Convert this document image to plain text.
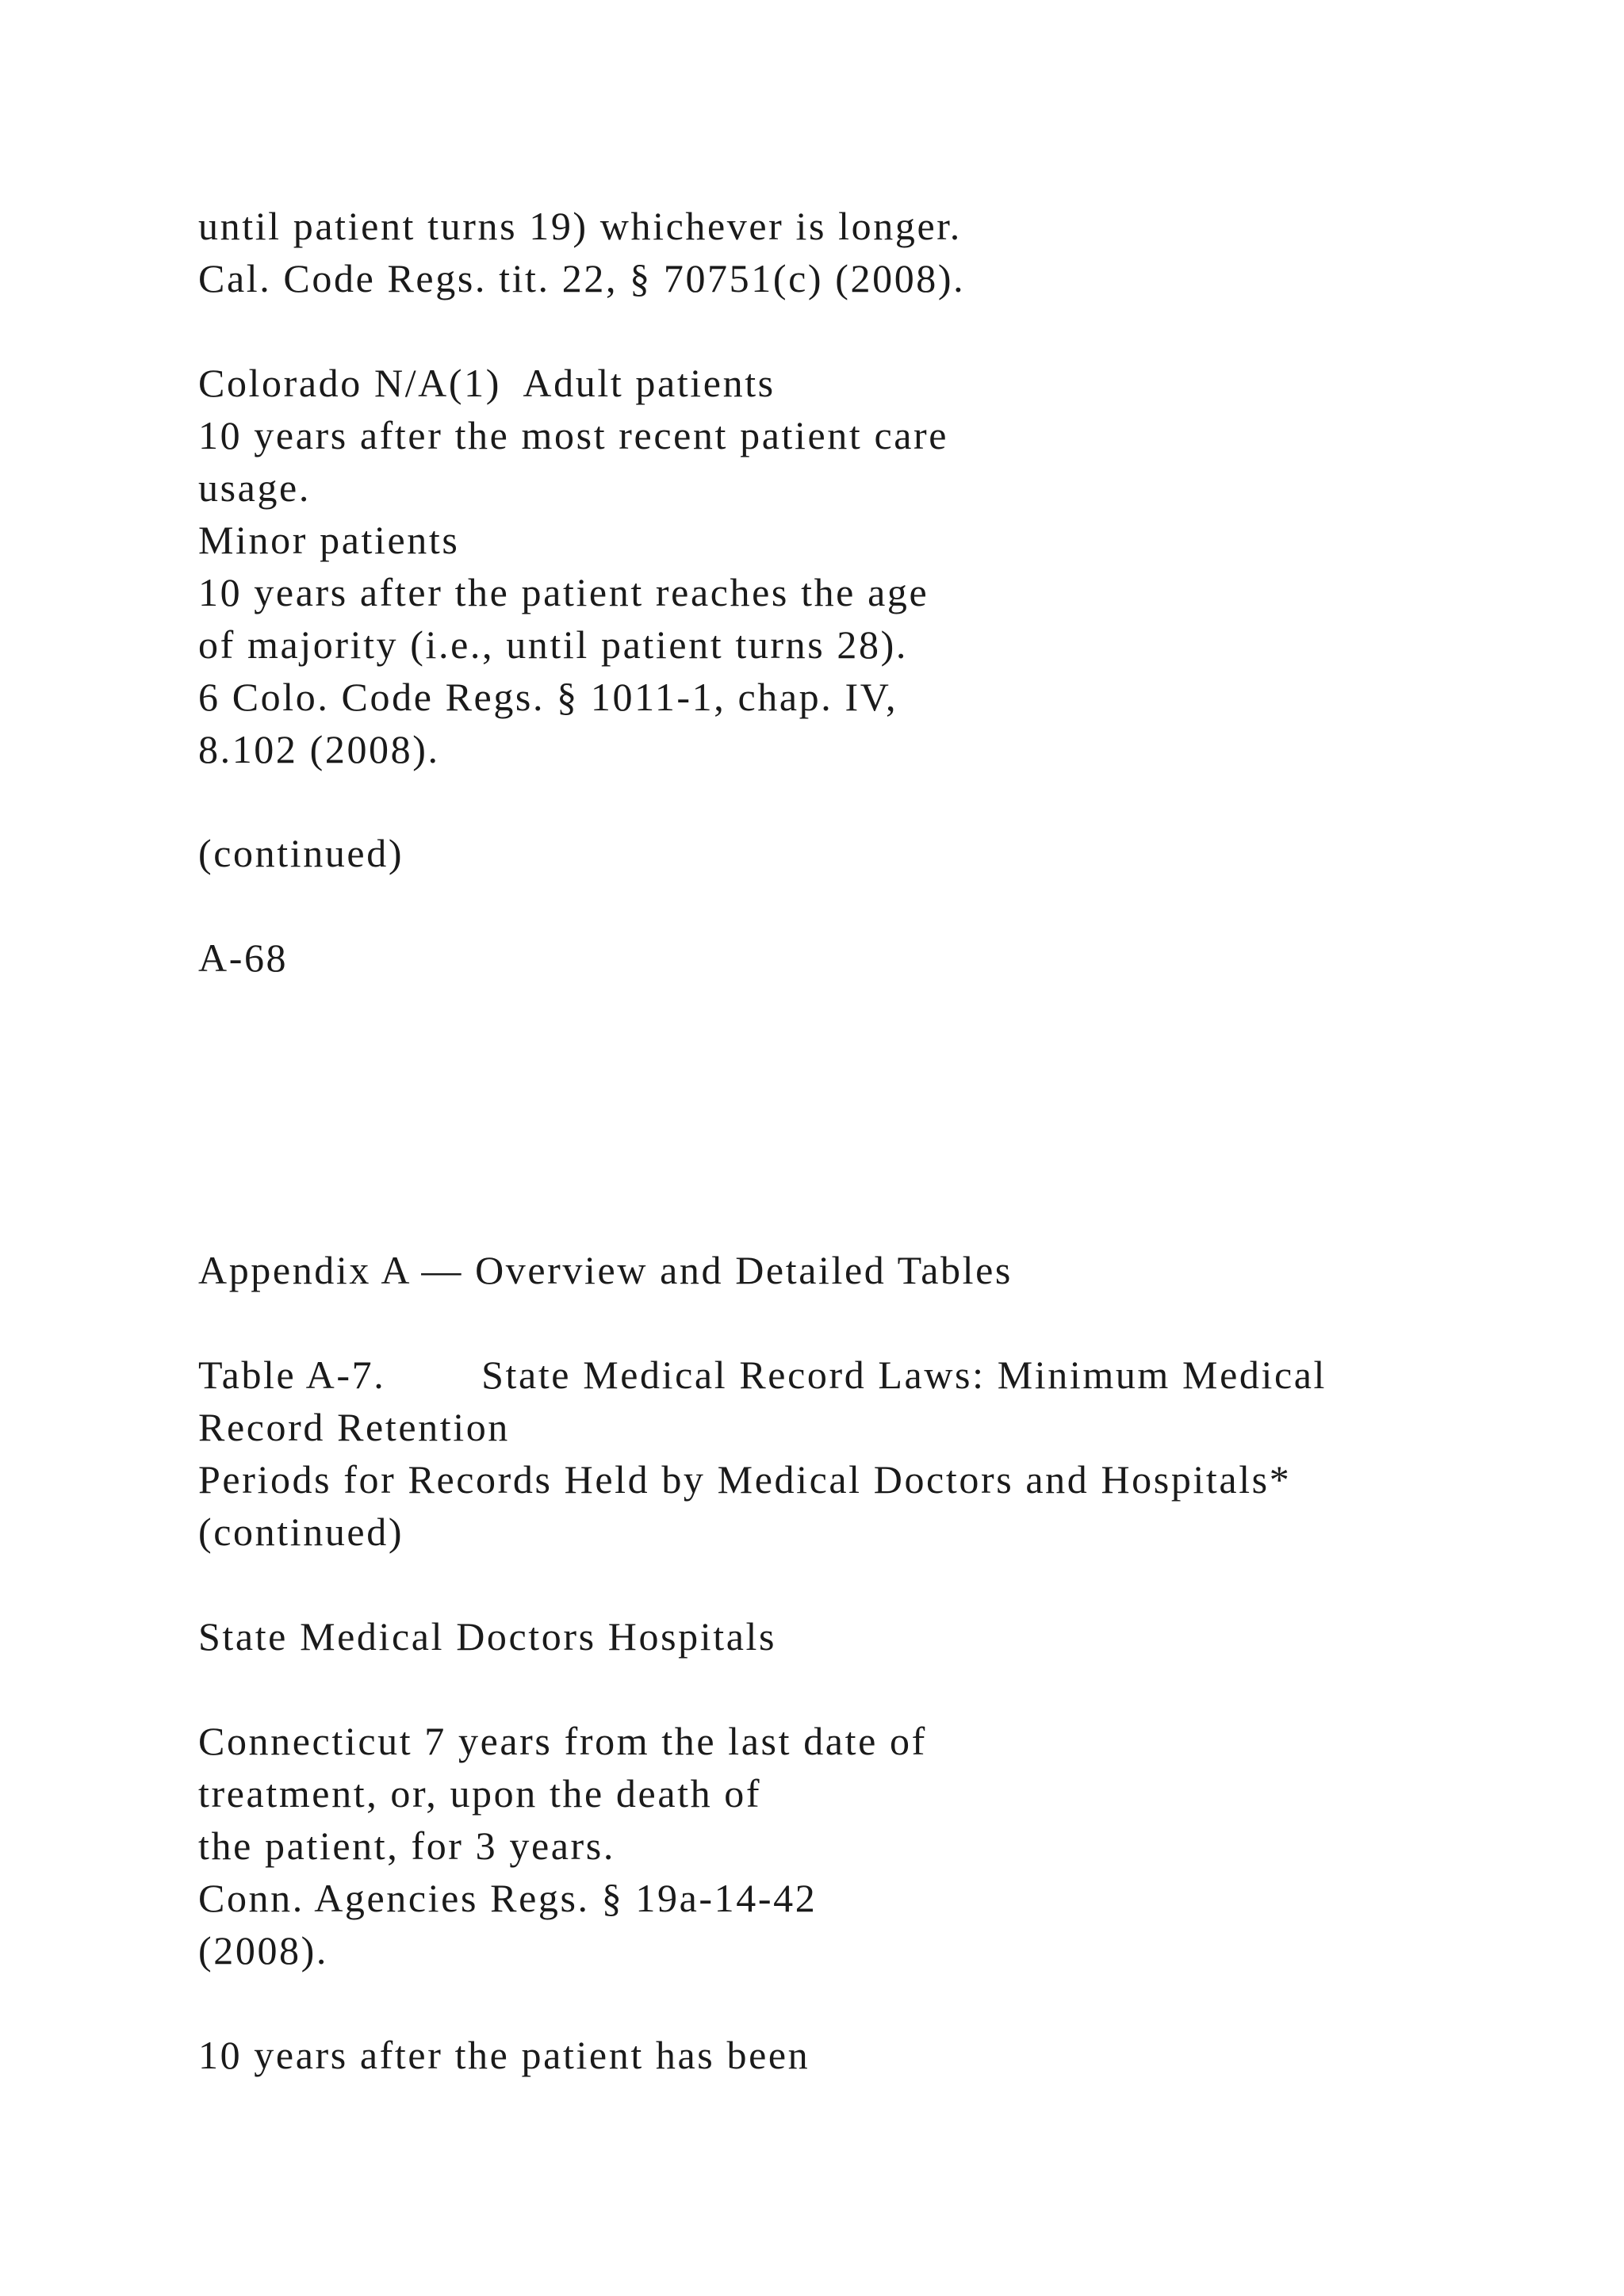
until patient turns 19) whichever is longer.

Cal. Code Regs. tit. 22, § 70751(c) (2008).

Colorado N/A(1)  Adult patients

10 years after the most recent patient care

usage.

Minor patients

10 years after the patient reaches the age

of majority (i.e., until patient turns 28).

6 Colo. Code Regs. § 1011-1, chap. IV,

8.102 (2008).

(continued)

A-68

Appendix A — Overview and Detailed Tables

Table A-7.        State Medical Record Laws: Minimum Medical

Record Retention

Periods for Records Held by Medical Doctors and Hospitals*

(continued)

State Medical Doctors Hospitals

Connecticut 7 years from the last date of

treatment, or, upon the death of

the patient, for 3 years.

Conn. Agencies Regs. § 19a-14-42

(2008).

10 years after the patient has been
